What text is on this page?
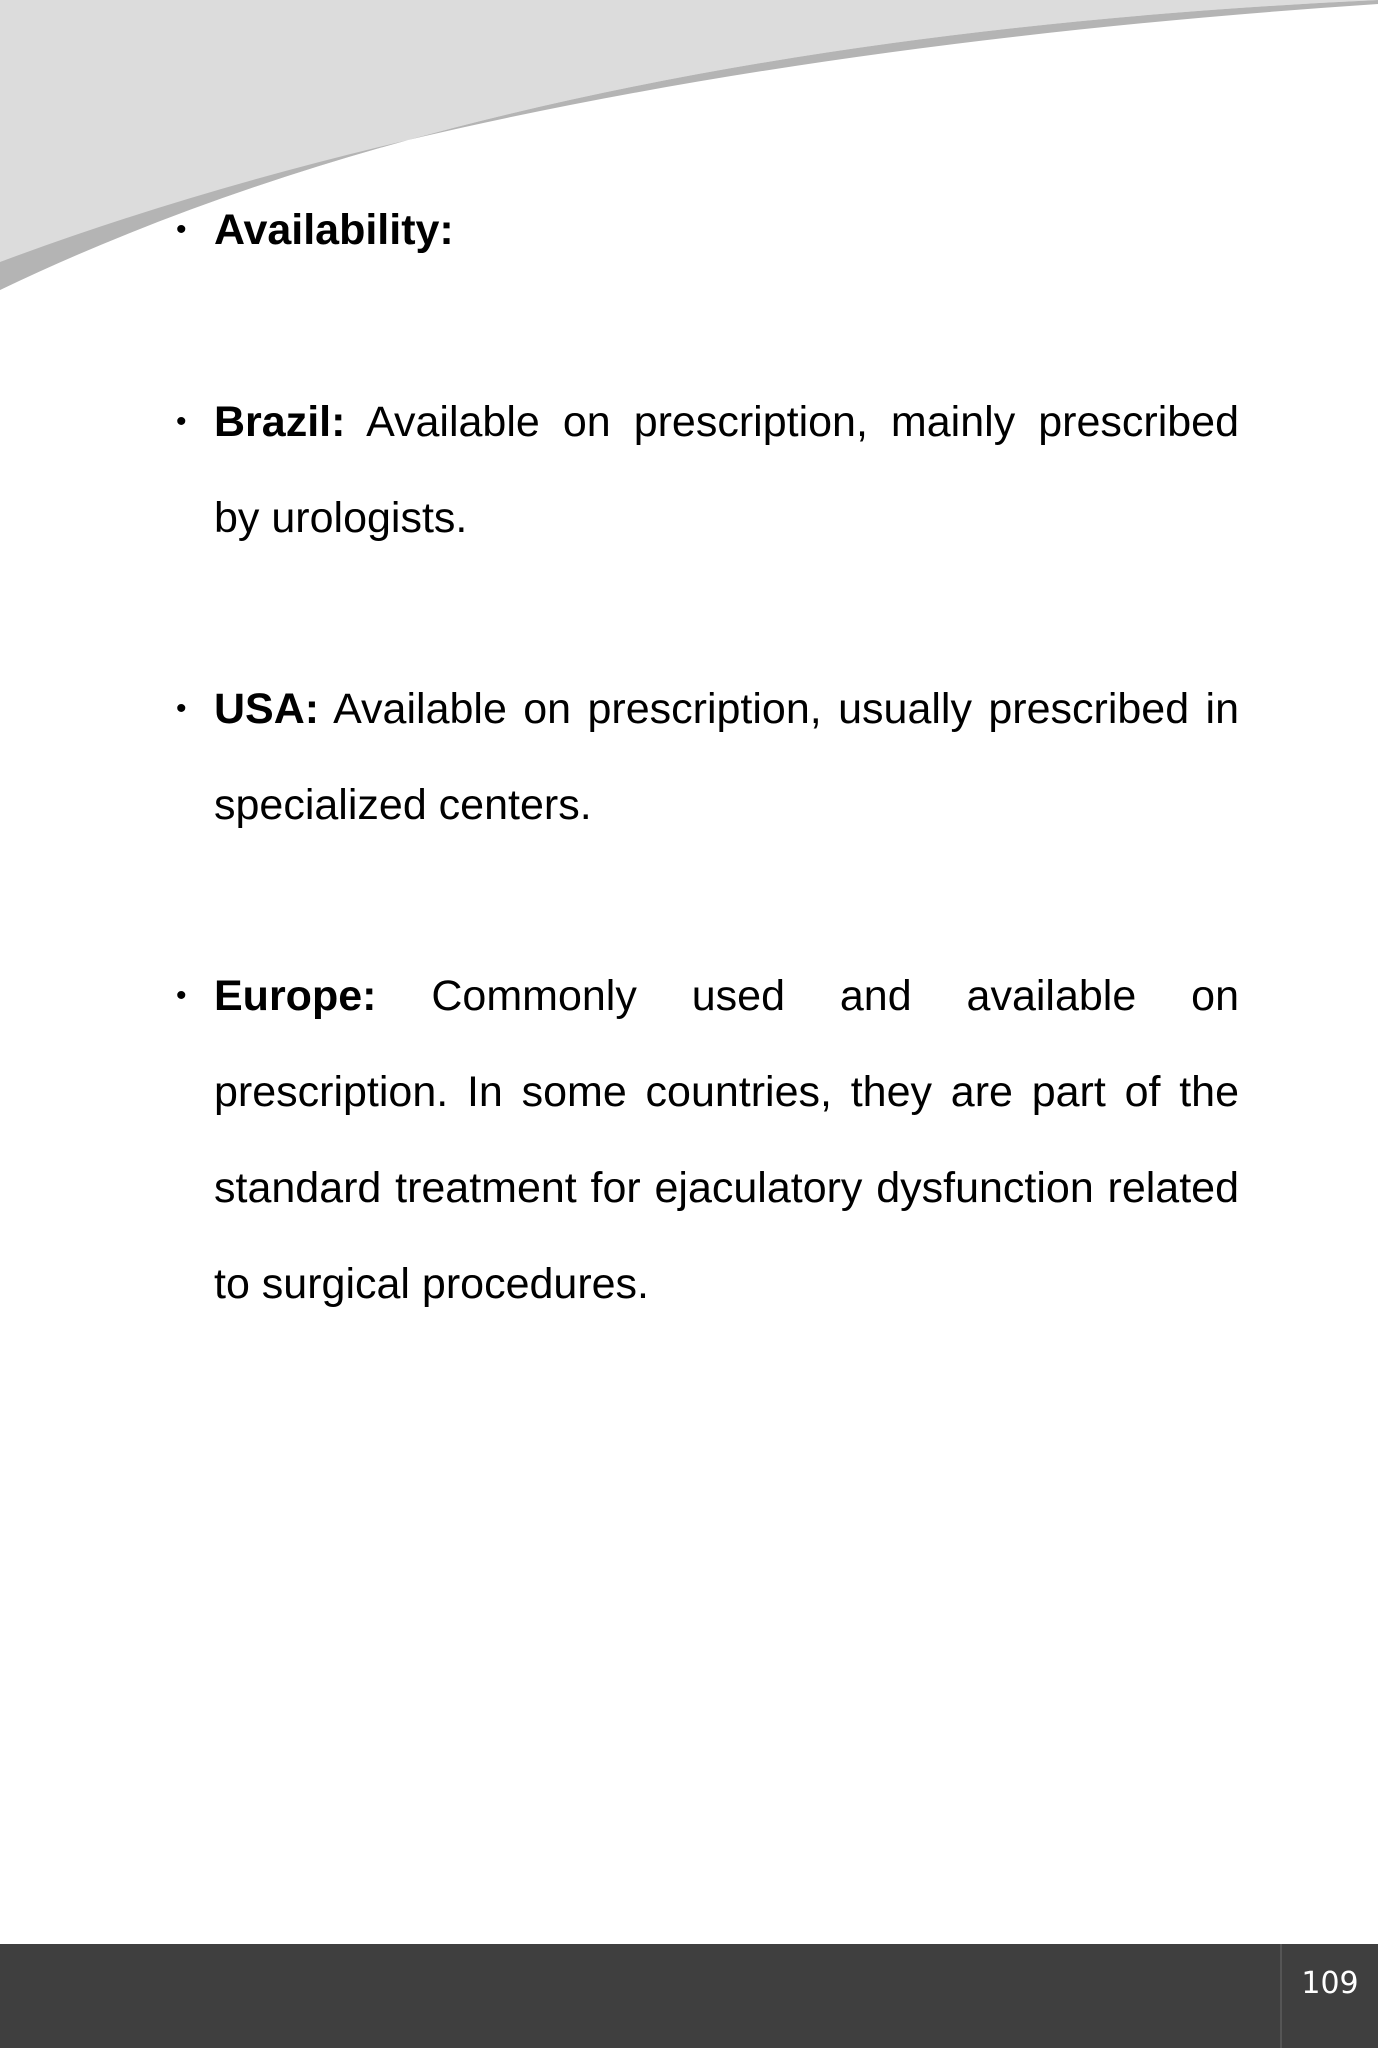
• Availability:
• Brazil: Available on prescription, mainly prescribed by urologists.
• USA: Available on prescription, usually prescribed in specialized centers.
• Europe: Commonly used and available on prescription. In some countries, they are part of the standard treatment for ejaculatory dysfunction related to surgical procedures.
109
